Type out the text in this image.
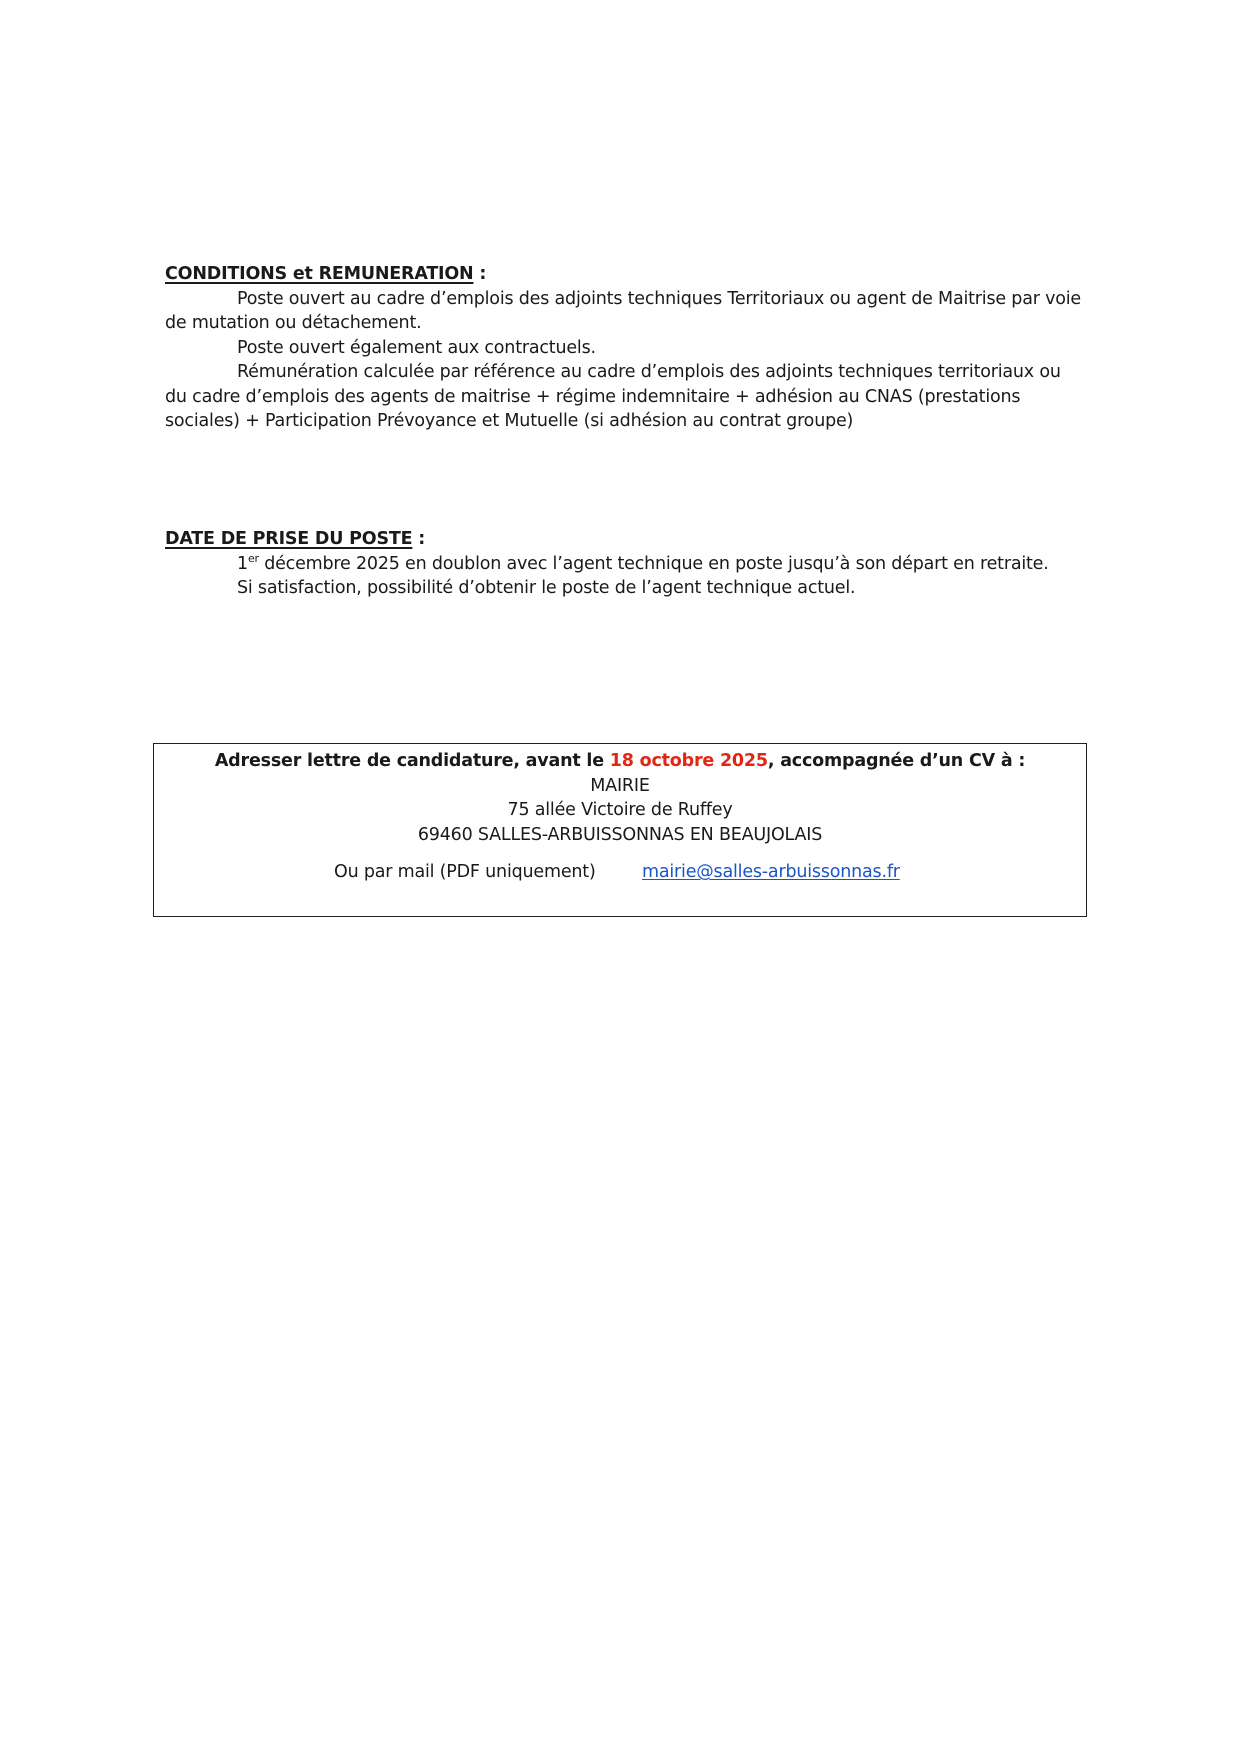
CONDITIONS et REMUNERATION :

Poste ouvert au cadre d’emplois des adjoints techniques Territoriaux ou agent de Maitrise par voie de mutation ou détachement.

Poste ouvert également aux contractuels.

Rémunération calculée par référence au cadre d’emplois des adjoints techniques territoriaux ou du cadre d’emplois des agents de maitrise + régime indemnitaire + adhésion au CNAS (prestations sociales) + Participation Prévoyance et Mutuelle (si adhésion au contrat groupe)

DATE DE PRISE DU POSTE :

1er décembre 2025 en doublon avec l’agent technique en poste jusqu’à son départ en retraite.

Si satisfaction, possibilité d’obtenir le poste de l’agent technique actuel.

Adresser lettre de candidature, avant le 18 octobre 2025, accompagnée d’un CV à :
MAIRIE
75 allée Victoire de Ruffey
69460 SALLES-ARBUISSONNAS EN BEAUJOLAIS
Ou par mail (PDF uniquement)	mairie@salles-arbuissonnas.fr
